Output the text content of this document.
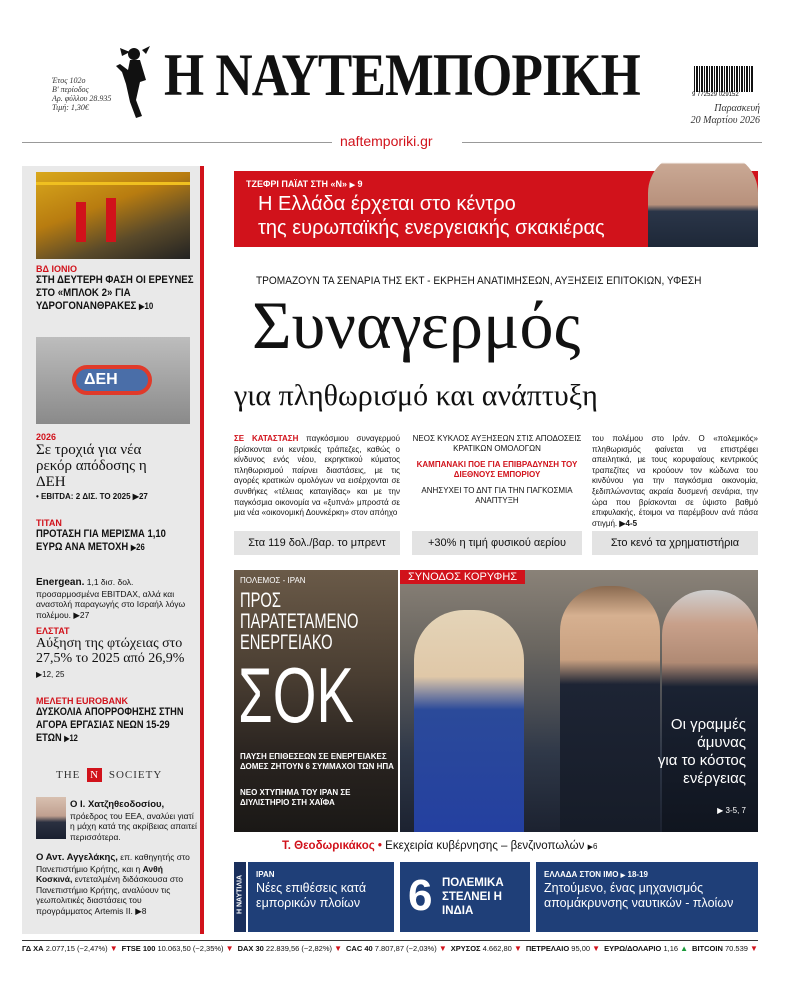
Έτος 102ο
Β' περίοδος
Αρ. φύλλου 28.935
Τιμή: 1,30€	Η ΝΑΥΤΕΜΠΟΡΙΚΗ
naftemporiki.gr
9 772529 029152
Παρασκευή
20 Μαρτίου 2026
ΒΔ ΙΟΝΙΟ
ΣΤΗ ΔΕΥΤΕΡΗ ΦΑΣΗ ΟΙ ΕΡΕΥΝΕΣ ΣΤΟ «ΜΠΛΟΚ 2» ΓΙΑ ΥΔΡΟΓΟΝΑΝΘΡΑΚΕΣ ▶10
ΔΕΗ
2026
Σε τροχιά για νέα ρεκόρ απόδοσης η ΔΕΗ
• EBITDA: 2 ΔΙΣ. ΤΟ 2025 ▶27
ΤΙΤΑΝ
ΠΡΟΤΑΣΗ ΓΙΑ ΜΕΡΙΣΜΑ 1,10 ΕΥΡΩ ΑΝΑ ΜΕΤΟΧΗ ▶26
Energean. 1,1 δισ. δολ. προσαρμοσμένα EBITDAX, αλλά και αναστολή παραγωγής στο Ισραήλ λόγω πολέμου. ▶27
ΕΛΣΤΑΤ
Αύξηση της φτώχειας στο 27,5% το 2025 από 26,9% ▶12, 25
ΜΕΛΕΤΗ EUROBANK
ΔΥΣΚΟΛΙΑ ΑΠΟΡΡΟΦΗΣΗΣ ΣΤΗΝ ΑΓΟΡΑ ΕΡΓΑΣΙΑΣ ΝΕΩΝ 15-29 ΕΤΩΝ ▶12
THE N SOCIETY
Ο Ι. Χατζηθεοδοσίου, πρόεδρος του ΕΕΑ, αναλύει γιατί η μάχη κατά της ακρίβειας απαιτεί περισσότερα.
Ο Αντ. Αγγελάκης, επ. καθηγητής στο Πανεπιστήμιο Κρήτης, και η Ανθή Κοσκινά, εντεταλμένη διδάσκουσα στο Πανεπιστήμιο Κρήτης, αναλύουν τις γεωπολιτικές διαστάσεις του προγράμματος Artemis II. ▶8
ΤΖΕΦΡΙ ΠΑΪΑΤ ΣΤΗ «Ν» ▶ 9
Η Ελλάδα έρχεται στο κέντρο
της ευρωπαϊκής ενεργειακής σκακιέρας
ΤΡΟΜΑΖΟΥΝ ΤΑ ΣΕΝΑΡΙΑ ΤΗΣ ΕΚΤ - ΕΚΡΗΞΗ ΑΝΑΤΙΜΗΣΕΩΝ, ΑΥΞΗΣΕΙΣ ΕΠΙΤΟΚΙΩΝ, ΥΦΕΣΗ
Συναγερμός
για πληθωρισμό και ανάπτυξη
ΣΕ ΚΑΤΑΣΤΑΣΗ παγκόσμιου συναγερμού βρίσκονται οι κεντρικές τράπεζες, καθώς ο κίνδυνος ενός νέου, εκρηκτικού κύματος πληθωρισμού παίρνει διαστάσεις, με τις αγορές κρατικών ομολόγων να εισέρχονται σε συνθήκες «τέλειας καταιγίδας» και με την παγκόσμια οικονομία να «ξυπνά» μπροστά σε μια νέα «οικονομική Δουνκέρκη» στον απόηχο
ΝΕΟΣ ΚΥΚΛΟΣ ΑΥΞΗΣΕΩΝ ΣΤΙΣ ΑΠΟΔΟΣΕΙΣ ΚΡΑΤΙΚΩΝ ΟΜΟΛΟΓΩΝ
ΚΑΜΠΑΝΑΚΙ ΠΟΕ ΓΙΑ ΕΠΙΒΡΑΔΥΝΣΗ ΤΟΥ ΔΙΕΘΝΟΥΣ ΕΜΠΟΡΙΟΥ
ΑΝΗΣΥΧΕΙ ΤΟ ΔΝΤ ΓΙΑ ΤΗΝ ΠΑΓΚΟΣΜΙΑ ΑΝΑΠΤΥΞΗ
του πολέμου στο Ιράν. Ο «πολεμικός» πληθωρισμός φαίνεται να επιστρέφει απειλητικά, με τους κορυφαίους κεντρικούς τραπεζίτες να κρούουν τον κώδωνα του κινδύνου για την παγκόσμια οικονομία, ξεδιπλώνοντας ακραία δυσμενή σενάρια, την ώρα που βρίσκονται σε ύψιστο βαθμό επιφυλακής, έτοιμοι να παρέμβουν ανά πάσα στιγμή. ▶4-5
Στα 119 δολ./βαρ. το μπρεντ	+30% η τιμή φυσικού αερίου	Στο κενό τα χρηματιστήρια
ΠΟΛΕΜΟΣ - ΙΡΑΝ
ΠΡΟΣ
ΠΑΡΑΤΕΤΑΜΕΝΟ
ΕΝΕΡΓΕΙΑΚΟ
ΣΟΚ
ΠΑΥΣΗ ΕΠΙΘΕΣΕΩΝ ΣΕ ΕΝΕΡΓΕΙΑΚΕΣ ΔΟΜΕΣ ΖΗΤΟΥΝ 6 ΣΥΜΜΑΧΟΙ ΤΩΝ ΗΠΑ
ΝΕΟ ΧΤΥΠΗΜΑ ΤΟΥ ΙΡΑΝ ΣΕ ΔΙΥΛΙΣΤΗΡΙΟ ΣΤΗ ΧΑΪΦΑ
ΣΥΝΟΔΟΣ ΚΟΡΥΦΗΣ
Οι γραμμές
άμυνας
για το κόστος
ενέργειας
▶ 3-5, 7
Τ. Θεοδωρικάκος • Εκεχειρία κυβέρνησης – βενζινοπωλών ▶6
Η ΝΑΥΤΙΛΙΑ
ΙΡΑΝ
Νέες επιθέσεις κατά εμπορικών πλοίων	6 ΠΟΛΕΜΙΚΑ ΣΤΕΛΝΕΙ Η ΙΝΔΙΑ
ΕΛΛΑΔΑ ΣΤΟΝ ΙΜΟ ▶ 18-19
Ζητούμενο, ένας μηχανισμός απομάκρυνσης ναυτικών - πλοίων
ΓΔ ΧΑ 2.077,15 (−2,47%) ▼ FTSE 100 10.063,50 (−2,35%) ▼ DAX 30 22.839,56 (−2,82%) ▼ CAC 40 7.807,87 (−2,03%) ▼ ΧΡΥΣΟΣ 4.662,80 ▼ ΠΕΤΡΕΛΑΙΟ 95,00 ▼ ΕΥΡΩ/ΔΟΛΑΡΙΟ 1,16 ▲ BITCOIN 70.539 ▼
